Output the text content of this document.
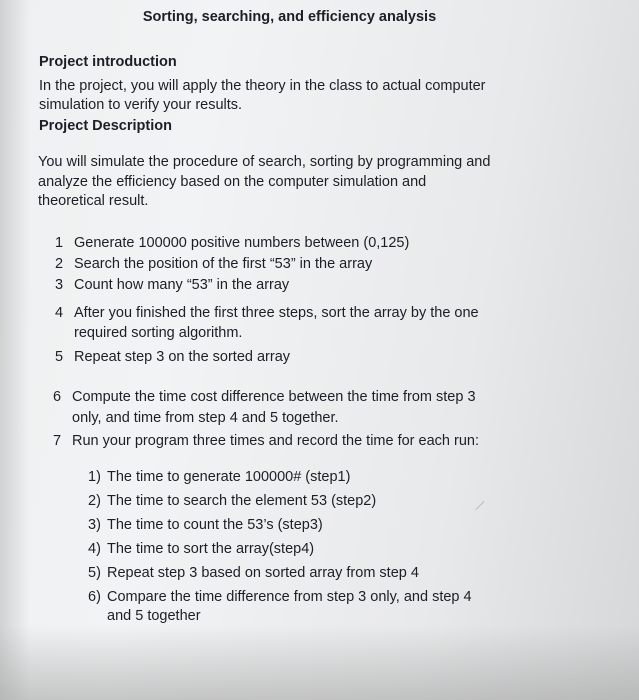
Sorting, searching, and efficiency analysis
Project introduction
In the project, you will apply the theory in the class to actual computer
simulation to verify your results.
Project Description
You will simulate the procedure of search, sorting by programming and
analyze the efficiency based on the computer simulation and
theoretical result.
1 Generate 100000 positive numbers between (0,125)
2 Search the position of the first “53” in the array
3 Count how many “53” in the array
4 After you finished the first three steps, sort the array by the one
required sorting algorithm.
5 Repeat step 3 on the sorted array
6 Compute the time cost difference between the time from step 3
only, and time from step 4 and 5 together.
7 Run your program three times and record the time for each run:
1) The time to generate 100000# (step1)
2) The time to search the element 53 (step2)
3) The time to count the 53’s (step3)
4) The time to sort the array(step4)
5) Repeat step 3 based on sorted array from step 4
6) Compare the time difference from step 3 only, and step 4
and 5 together
